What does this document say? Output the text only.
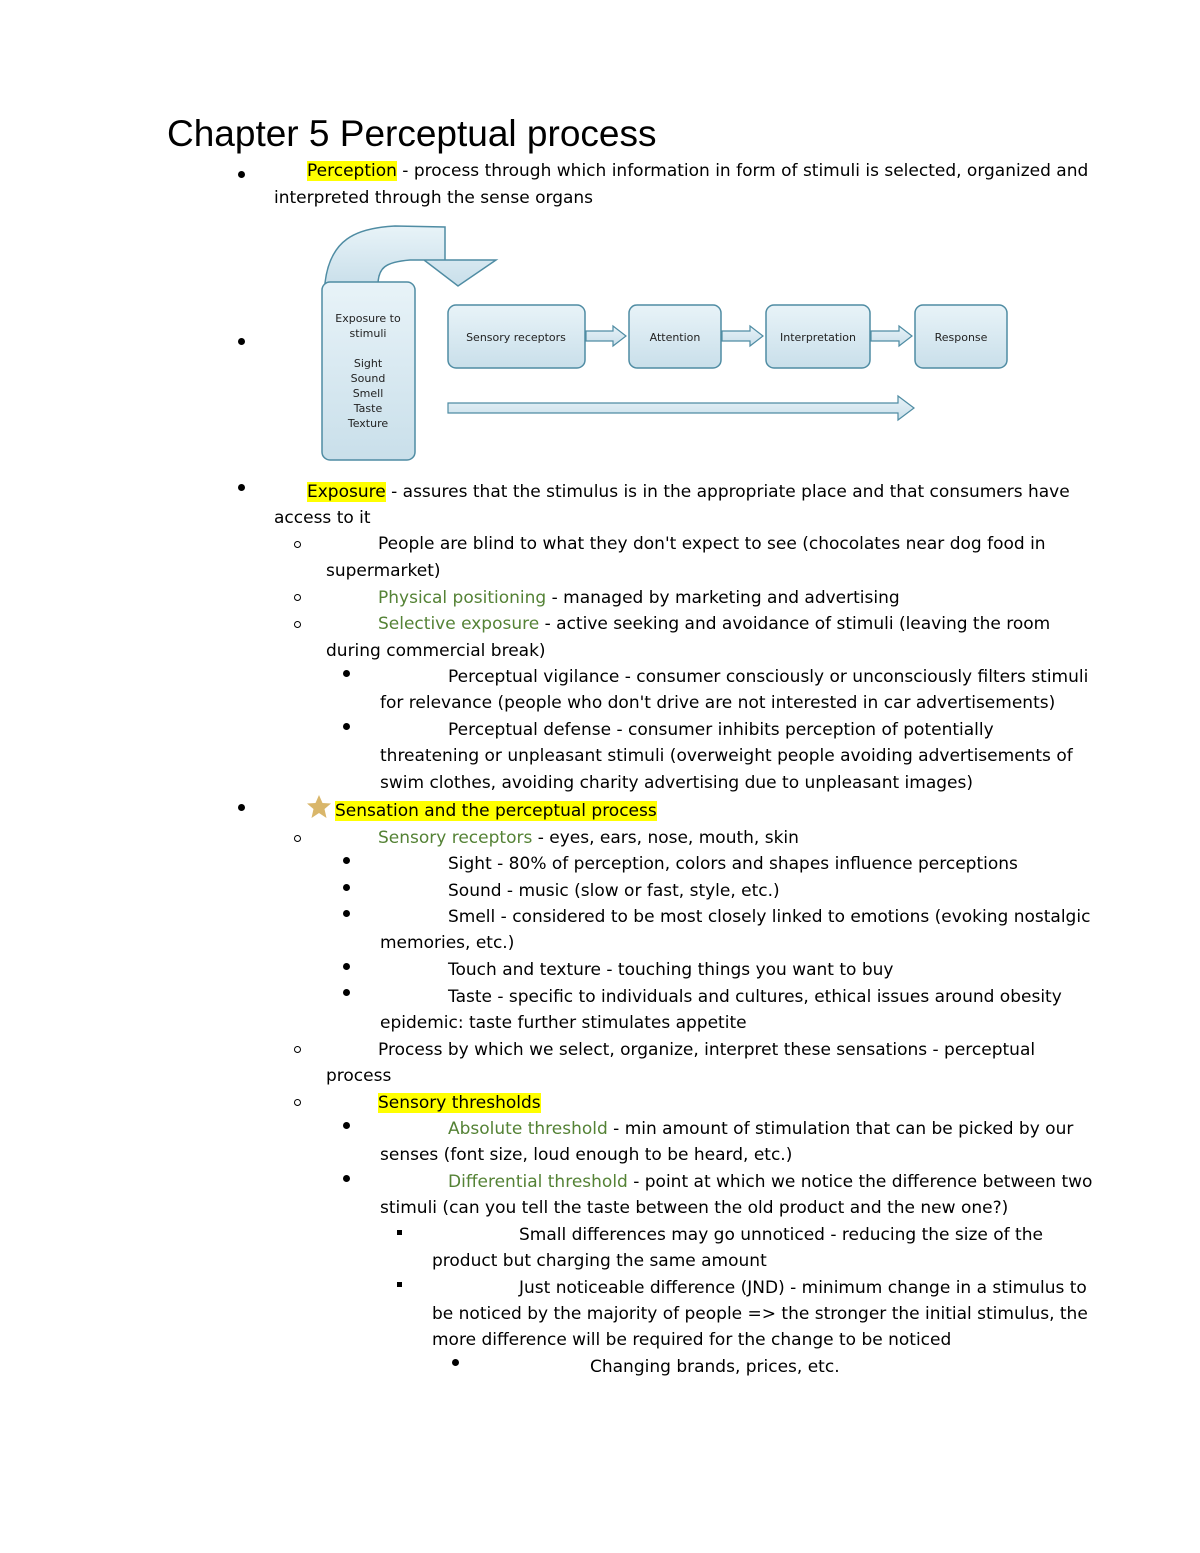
Chapter 5 Perceptual process
Perception - process through which information in form of stimuli is selected, organized and
interpreted through the sense organs
Exposure to
stimuli
Sight
Sound
Smell
Taste
Texture
Sensory receptors	Attention	Interpretation	Response
Exposure - assures that the stimulus is in the appropriate place and that consumers have
access to it
People are blind to what they don't expect to see (chocolates near dog food in
supermarket)
Physical positioning - managed by marketing and advertising
Selective exposure - active seeking and avoidance of stimuli (leaving the room
during commercial break)
Perceptual vigilance - consumer consciously or unconsciously filters stimuli
for relevance (people who don't drive are not interested in car advertisements)
Perceptual defense - consumer inhibits perception of potentially
threatening or unpleasant stimuli (overweight people avoiding advertisements of
swim clothes, avoiding charity advertising due to unpleasant images)
Sensation and the perceptual process
Sensory receptors - eyes, ears, nose, mouth, skin
Sight - 80% of perception, colors and shapes influence perceptions
Sound - music (slow or fast, style, etc.)
Smell - considered to be most closely linked to emotions (evoking nostalgic
memories, etc.)
Touch and texture - touching things you want to buy
Taste - specific to individuals and cultures, ethical issues around obesity
epidemic: taste further stimulates appetite
Process by which we select, organize, interpret these sensations - perceptual
process
Sensory thresholds
Absolute threshold - min amount of stimulation that can be picked by our
senses (font size, loud enough to be heard, etc.)
Differential threshold - point at which we notice the difference between two
stimuli (can you tell the taste between the old product and the new one?)
Small differences may go unnoticed - reducing the size of the
product but charging the same amount
Just noticeable difference (JND) - minimum change in a stimulus to
be noticed by the majority of people => the stronger the initial stimulus, the
more difference will be required for the change to be noticed
Changing brands, prices, etc.
